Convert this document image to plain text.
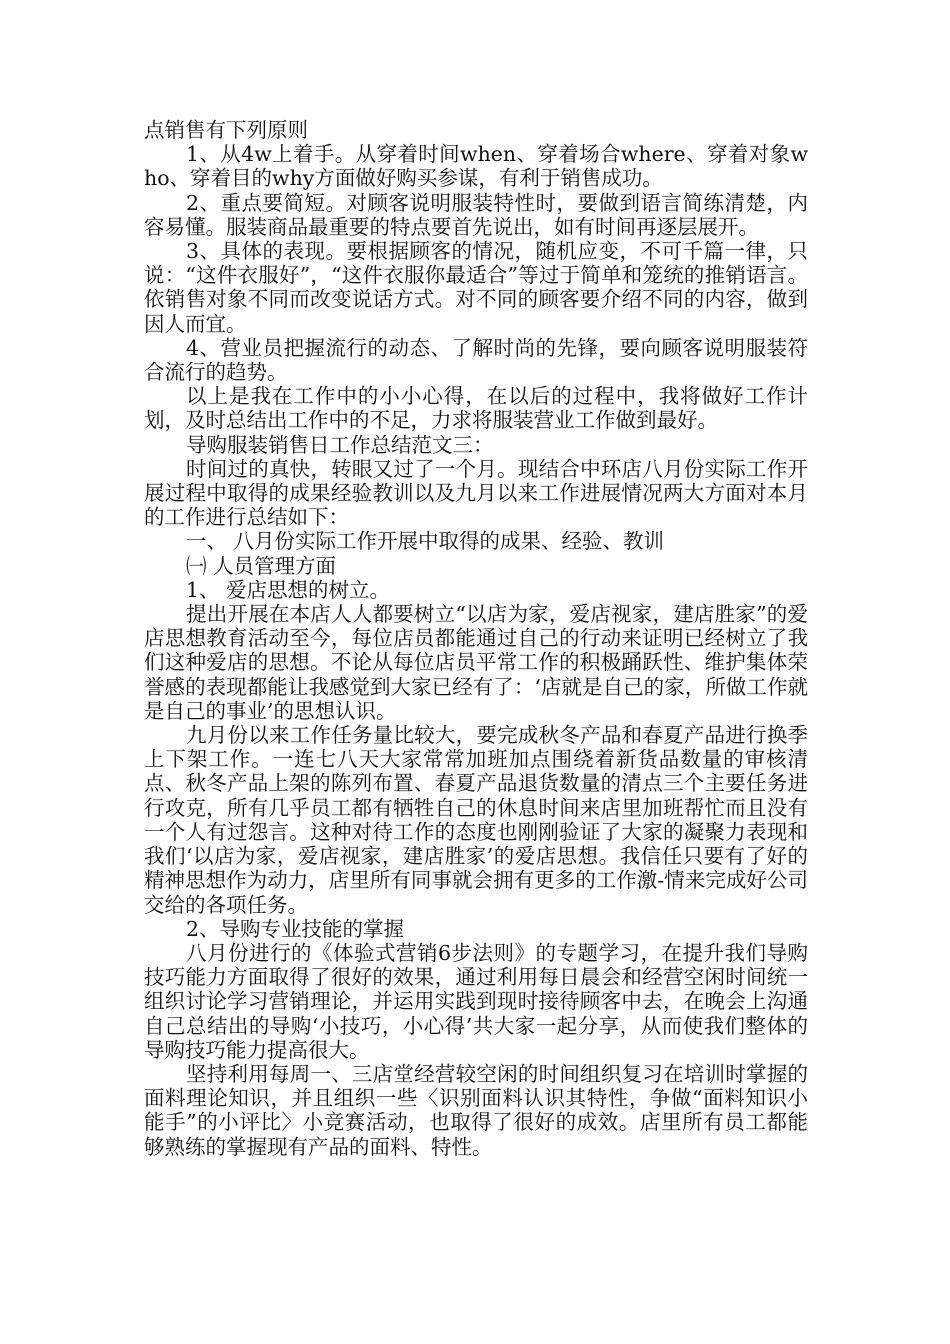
点销售有下列原则

1、从4w上着手。从穿着时间when、穿着场合where、穿着对象who、穿着目的why方面做好购买参谋，有利于销售成功。

2、重点要简短。对顾客说明服装特性时，要做到语言简练清楚，内容易懂。服装商品最重要的特点要首先说出，如有时间再逐层展开。

3、具体的表现。要根据顾客的情况，随机应变，不可千篇一律，只说：“这件衣服好”，“这件衣服你最适合”等过于简单和笼统的推销语言。依销售对象不同而改变说话方式。对不同的顾客要介绍不同的内容，做到因人而宜。

4、营业员把握流行的动态、了解时尚的先锋，要向顾客说明服装符合流行的趋势。

以上是我在工作中的小小心得，在以后的过程中，我将做好工作计划，及时总结出工作中的不足，力求将服装营业工作做到最好。

导购服装销售日工作总结范文三：

时间过的真快，转眼又过了一个月。现结合中环店八月份实际工作开展过程中取得的成果经验教训以及九月以来工作进展情况两大方面对本月的工作进行总结如下：

一、 八月份实际工作开展中取得的成果、经验、教训

㈠ 人员管理方面

1、 爱店思想的树立。

提出开展在本店人人都要树立“以店为家，爱店视家，建店胜家”的爱店思想教育活动至今，每位店员都能通过自己的行动来证明已经树立了我们这种爱店的思想。不论从每位店员平常工作的积极踊跃性、维护集体荣誉感的表现都能让我感觉到大家已经有了：‘店就是自己的家，所做工作就是自己的事业’的思想认识。

九月份以来工作任务量比较大，要完成秋冬产品和春夏产品进行换季上下架工作。一连七八天大家常常加班加点围绕着新货品数量的审核清点、秋冬产品上架的陈列布置、春夏产品退货数量的清点三个主要任务进行攻克，所有几乎员工都有牺牲自己的休息时间来店里加班帮忙而且没有一个人有过怨言。这种对待工作的态度也刚刚验证了大家的凝聚力表现和我们‘以店为家，爱店视家，建店胜家’的爱店思想。我信任只要有了好的精神思想作为动力，店里所有同事就会拥有更多的工作激-情来完成好公司交给的各项任务。

2、导购专业技能的掌握

八月份进行的《体验式营销6步法则》的专题学习，在提升我们导购技巧能力方面取得了很好的效果，通过利用每日晨会和经营空闲时间统一组织讨论学习营销理论，并运用实践到现时接待顾客中去，在晚会上沟通自己总结出的导购‘小技巧，小心得’共大家一起分享，从而使我们整体的导购技巧能力提高很大。

坚持利用每周一、三店堂经营较空闲的时间组织复习在培训时掌握的面料理论知识，并且组织一些〈识别面料认识其特性，争做“面料知识小能手”的小评比〉小竞赛活动，也取得了很好的成效。店里所有员工都能够熟练的掌握现有产品的面料、特性。
